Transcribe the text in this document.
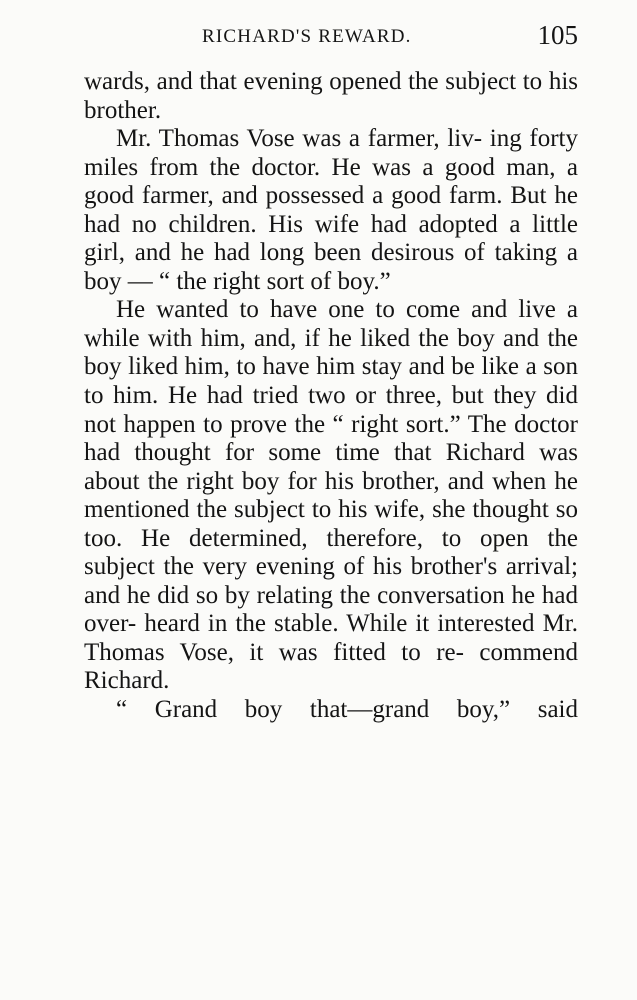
RICHARD'S REWARD.	105

wards, and that evening opened the subject to his brother.

Mr. Thomas Vose was a farmer, liv- ing forty miles from the doctor. He was a good man, a good farmer, and possessed a good farm. But he had no children. His wife had adopted a little girl, and he had long been desirous of taking a boy — “ the right sort of boy.”

He wanted to have one to come and live a while with him, and, if he liked the boy and the boy liked him, to have him stay and be like a son to him. He had tried two or three, but they did not happen to prove the “ right sort.” The doctor had thought for some time that Richard was about the right boy for his brother, and when he mentioned the subject to his wife, she thought so too. He determined, therefore, to open the subject the very evening of his brother's arrival; and he did so by relating the conversation he had over- heard in the stable. While it interested Mr. Thomas Vose, it was fitted to re- commend Richard.

“ Grand boy that—grand boy,” said
